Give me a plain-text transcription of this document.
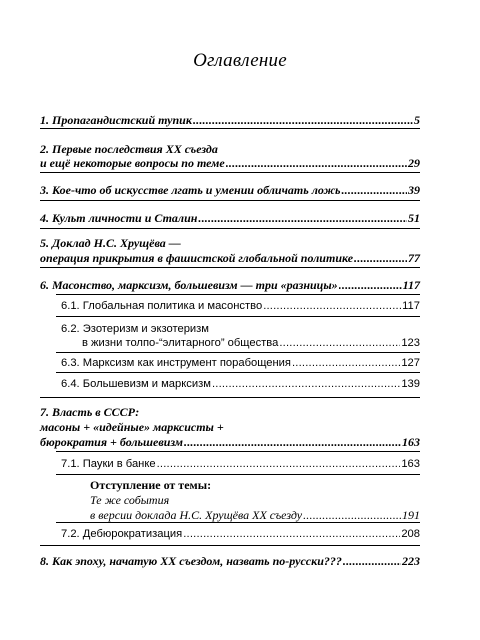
Оглавление
1. Пропагандистский тупик .....	5
2. Первые последствия XX съезда
и ещё некоторые вопросы по теме .....	29
3. Кое-что об искусстве лгать и умении обличать ложь .....	39
4. Культ личности и Сталин .....	51
5. Доклад Н.С. Хрущёва —
операция прикрытия в фашистской глобальной политике .....	77
6. Масонство, марксизм, большевизм — три «разницы» .....	117
6.1. Глобальная политика и масонство .....	117
6.2. Эзотеризм и экзотеризм
в жизни толпо-“элитарного” общества .....	123
6.3. Марксизм как инструмент порабощения .....	127
6.4. Большевизм и марксизм .....	139
7. Власть в СССР:
масоны + «идейные» марксисты +
бюрократия + большевизм .....	163
7.1. Пауки в банке .....	163
Отступление от темы:
Те же события
в версии доклада Н.С. Хрущёва XX съезду .....	191
7.2. Дебюрократизация .....	208
8. Как эпоху, начатую XX съездом, назвать по-русски??? .....	223
